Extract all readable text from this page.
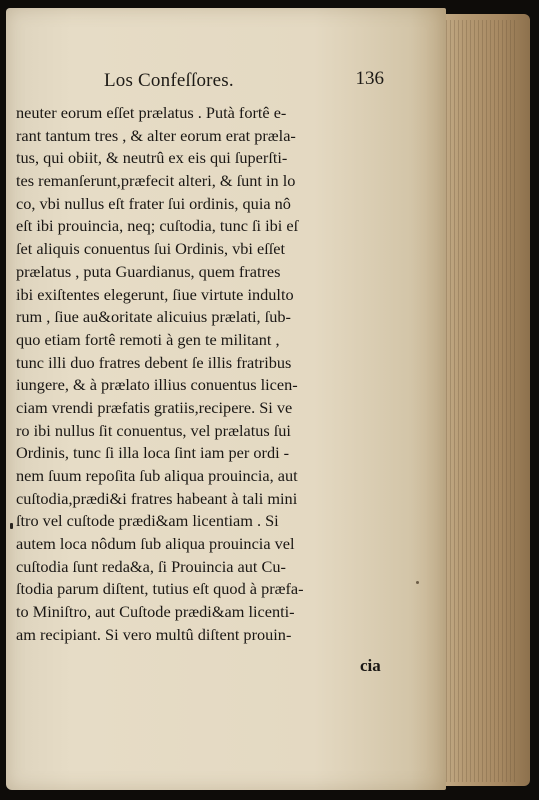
Los Confeſſores.	136
neuter eorum eſſet prælatus . Putà fortê e-
rant tantum tres , & alter eorum erat præla-
tus, qui obiit, & neutrû ex eis qui ſuperſti-
tes remanſerunt,præfecit alteri, & ſunt in lo
co, vbi nullus eſt frater ſui ordinis, quia nô
eſt ibi prouincia, neq; cuſtodia, tunc ſi ibi eſ
ſet aliquis conuentus ſui Ordinis, vbi eſſet
prælatus , puta Guardianus, quem fratres
ibi exiſtentes elegerunt, ſiue virtute indulto
rum , ſiue au&oritate alicuius prælati, ſub-
quo etiam fortê remoti à gen te militant ,
tunc illi duo fratres debent ſe illis fratribus
iungere, & à prælato illius conuentus licen-
ciam vrendi præfatis gratiis,recipere. Si ve
ro ibi nullus ſit conuentus, vel prælatus ſui
Ordinis, tunc ſi illa loca ſint iam per ordi -
nem ſuum repoſita ſub aliqua prouincia, aut
cuſtodia,prædi&i fratres habeant à tali mini
ſtro vel cuſtode prædi&am licentiam . Si
autem loca nôdum ſub aliqua prouincia vel
cuſtodia ſunt reda&a, ſi Prouincia aut Cu-
ſtodia parum diſtent, tutius eſt quod à præfa-
to Miniſtro, aut Cuſtode prædi&am licenti-
am recipiant. Si vero multû diſtent prouin-
cia
